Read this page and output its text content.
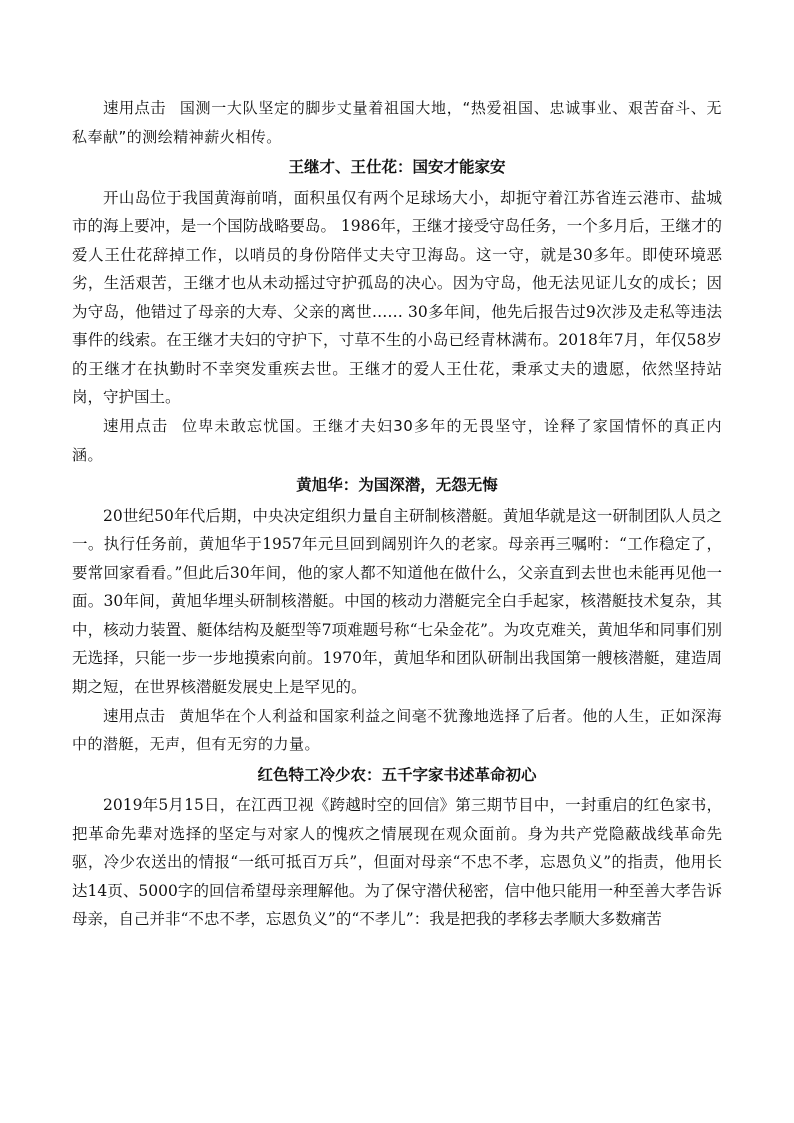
速用点击 国测一大队坚定的脚步丈量着祖国大地，“热爱祖国、忠诚事业、艰苦奋斗、无私奉献”的测绘精神薪火相传。

王继才、王仕花：国安才能家安

开山岛位于我国黄海前哨，面积虽仅有两个足球场大小，却扼守着江苏省连云港市、盐城市的海上要冲，是一个国防战略要岛。 1986年，王继才接受守岛任务，一个多月后，王继才的爱人王仕花辞掉工作，以哨员的身份陪伴丈夫守卫海岛。这一守，就是30多年。即使环境恶劣，生活艰苦，王继才也从未动摇过守护孤岛的决心。因为守岛，他无法见证儿女的成长；因为守岛，他错过了母亲的大寿、父亲的离世…… 30多年间，他先后报告过9次涉及走私等违法事件的线索。在王继才夫妇的守护下，寸草不生的小岛已经青林满布。2018年7月，年仅58岁的王继才在执勤时不幸突发重疾去世。王继才的爱人王仕花，秉承丈夫的遗愿，依然坚持站岗，守护国土。

速用点击 位卑未敢忘忧国。王继才夫妇30多年的无畏坚守，诠释了家国情怀的真正内涵。

黄旭华：为国深潜，无怨无悔

20世纪50年代后期，中央决定组织力量自主研制核潜艇。黄旭华就是这一研制团队人员之一。执行任务前，黄旭华于1957年元旦回到阔别许久的老家。母亲再三嘱咐：“工作稳定了，要常回家看看。”但此后30年间，他的家人都不知道他在做什么，父亲直到去世也未能再见他一面。30年间，黄旭华埋头研制核潜艇。中国的核动力潜艇完全白手起家，核潜艇技术复杂，其中，核动力装置、艇体结构及艇型等7项难题号称“七朵金花”。为攻克难关，黄旭华和同事们别无选择，只能一步一步地摸索向前。1970年，黄旭华和团队研制出我国第一艘核潜艇，建造周期之短，在世界核潜艇发展史上是罕见的。

速用点击 黄旭华在个人利益和国家利益之间毫不犹豫地选择了后者。他的人生，正如深海中的潜艇，无声，但有无穷的力量。

红色特工冷少农：五千字家书述革命初心

2019年5月15日，在江西卫视《跨越时空的回信》第三期节目中，一封重启的红色家书，把革命先辈对选择的坚定与对家人的愧疚之情展现在观众面前。身为共产党隐蔽战线革命先驱，冷少农送出的情报“一纸可抵百万兵”，但面对母亲“不忠不孝，忘恩负义”的指责，他用长达14页、5000字的回信希望母亲理解他。为了保守潜伏秘密，信中他只能用一种至善大孝告诉母亲，自己并非“不忠不孝，忘恩负义”的“不孝儿”：我是把我的孝移去孝顺大多数痛苦
